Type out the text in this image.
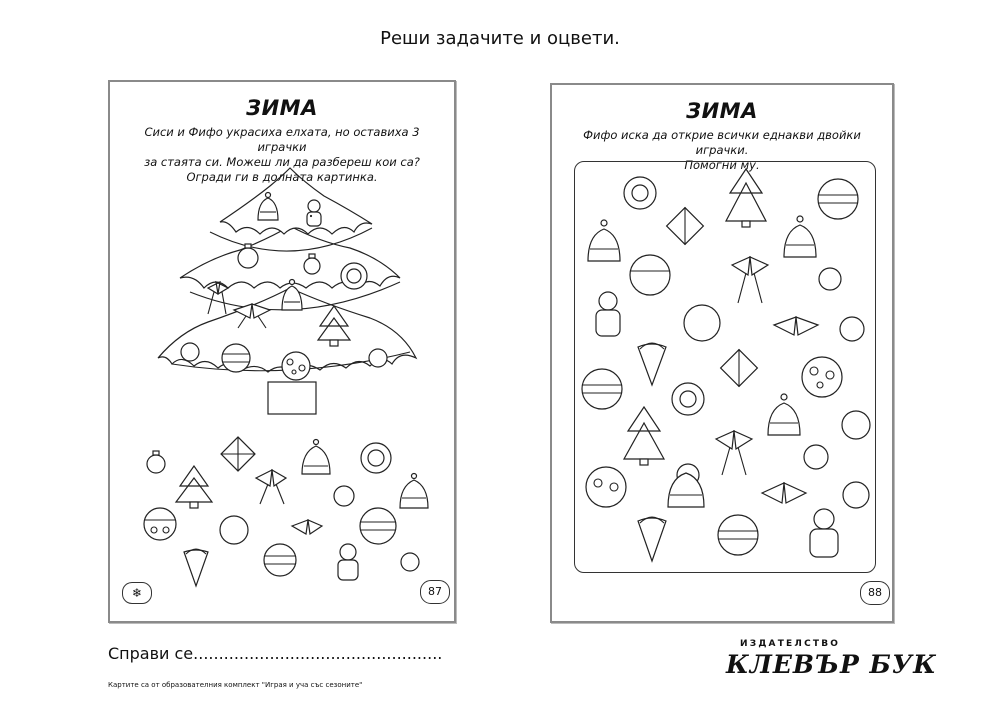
Реши задачите и оцвети.
ЗИМА
Сиси и Фифо украсиха елхата, но оставиха 3 играчки
за стаята си. Можеш ли да разбереш кои са?
Огради ги в долната картинка.
❄	87
ЗИМА
Фифо иска да открие всички еднакви двойки играчки.
Помогни му.
88
Справи се.................................................
Картите са от образователния комплект "Играя и уча със сезоните"
ИЗДАТЕЛСТВО
КЛЕВЪР БУК
